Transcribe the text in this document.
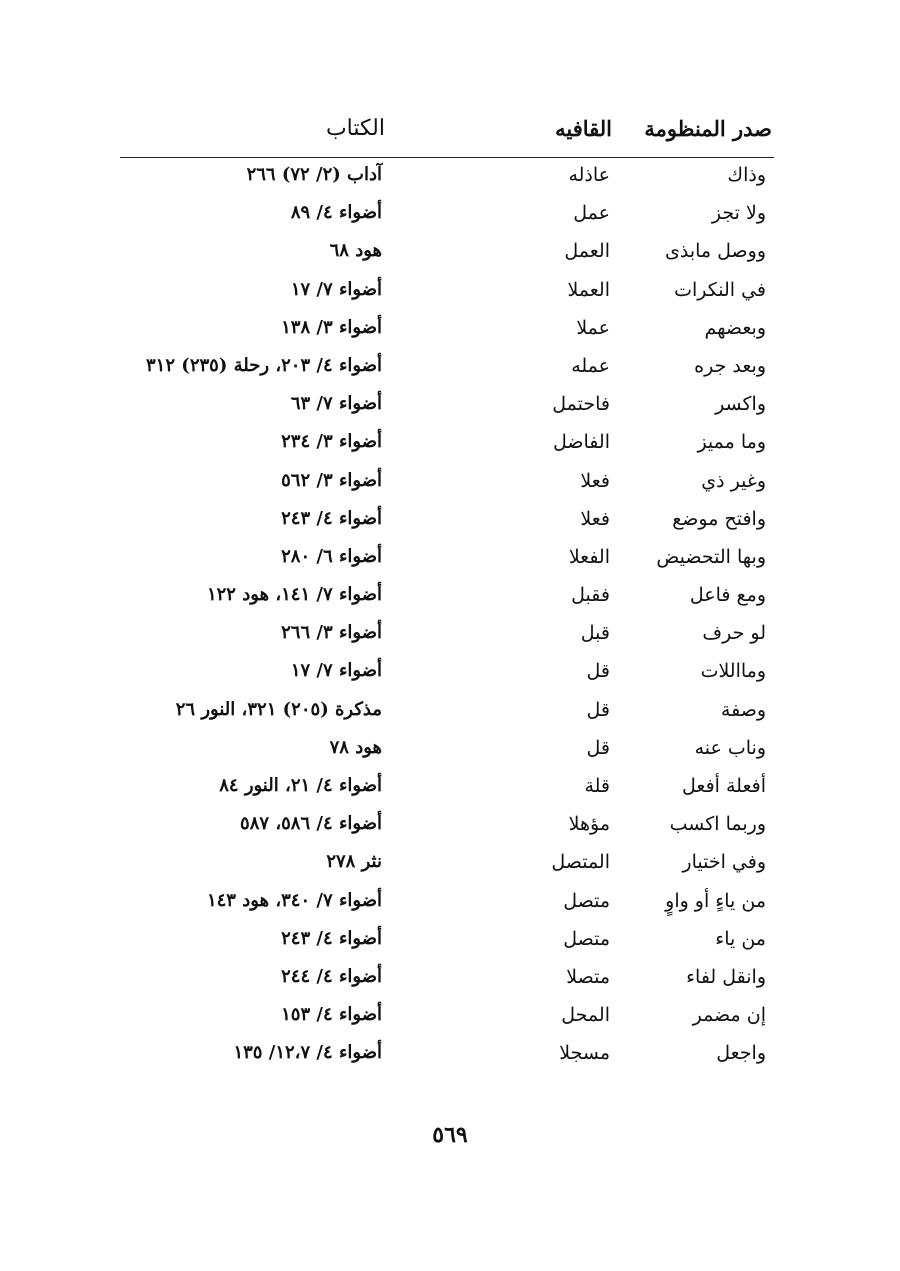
صدر المنظومة
القافيه
الكتاب
وذاك
عاذله
آداب (٢/ ٧٢) ٢٦٦
ولا تجز
عمل
أضواء ٤/ ٨٩
ووصل مابذى
العمل
هود ٦٨
في النكرات
العملا
أضواء ٧/ ١٧
وبعضهم
عملا
أضواء ٣/ ١٣٨
وبعد جره
عمله
أضواء ٤/ ٢٠٣، رحلة (٢٣٥) ٣١٢
واكسر
فاحتمل
أضواء ٧/ ٦٣
وما مميز
الفاضل
أضواء ٣/ ٢٣٤
وغير ذي
فعلا
أضواء ٣/ ٥٦٢
وافتح موضع
فعلا
أضواء ٤/ ٢٤٣
وبها التحضيض
الفعلا
أضواء ٦/ ٢٨٠
ومع فاعل
فقبل
أضواء ٧/ ١٤١، هود ١٢٢
لو حرف
قبل
أضواء ٣/ ٢٦٦
ومااللات
قل
أضواء ٧/ ١٧
وصفة
قل
مذكرة (٢٠٥) ٣٢١، النور ٢٦
وناب عنه
قل
هود ٧٨
أفعلة أفعل
قلة
أضواء ٤/ ٢١، النور ٨٤
وربما اكسب
مؤهلا
أضواء ٤/ ٥٨٦، ٥٨٧
وفي اختيار
المتصل
نثر ٢٧٨
من ياءٍ أو واوٍ
متصل
أضواء ٧/ ٣٤٠، هود ١٤٣
من ياء
متصل
أضواء ٤/ ٢٤٣
وانقل لفاء
متصلا
أضواء ٤/ ٢٤٤
إن مضمر
المحل
أضواء ٤/ ١٥٣
واجعل
مسجلا
أضواء ٤/ ١٢،٧/ ١٣٥
٥٦٩
